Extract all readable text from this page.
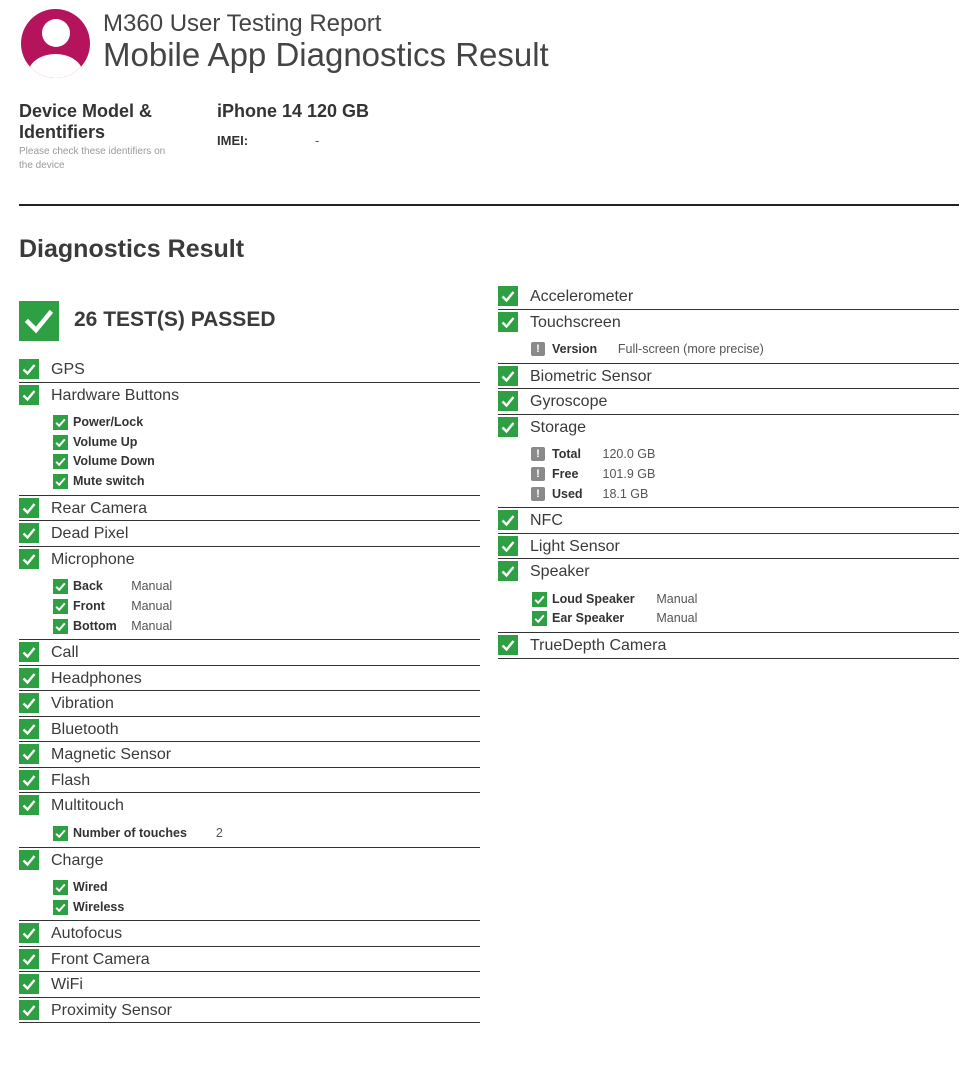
M360 User Testing Report
Mobile App Diagnostics Result
Device Model & Identifiers
Please check these identifiers on the device
iPhone 14 120 GB
IMEI:	-
Diagnostics Result
26 TEST(S) PASSED
GPS
Hardware Buttons
Power/Lock
Volume Up
Volume Down
Mute switch
Rear Camera
Dead Pixel
Microphone
Back Manual
Front Manual
Bottom Manual
Call
Headphones
Vibration
Bluetooth
Magnetic Sensor
Flash
Multitouch
Number of touches 2
Charge
Wired
Wireless
Autofocus
Front Camera
WiFi
Proximity Sensor
Accelerometer
Touchscreen
! Version Full-screen (more precise)
Biometric Sensor
Gyroscope
Storage
! Total 120.0 GB
! Free 101.9 GB
! Used 18.1 GB
NFC
Light Sensor
Speaker
Loud Speaker Manual
Ear Speaker	Manual
TrueDepth Camera
